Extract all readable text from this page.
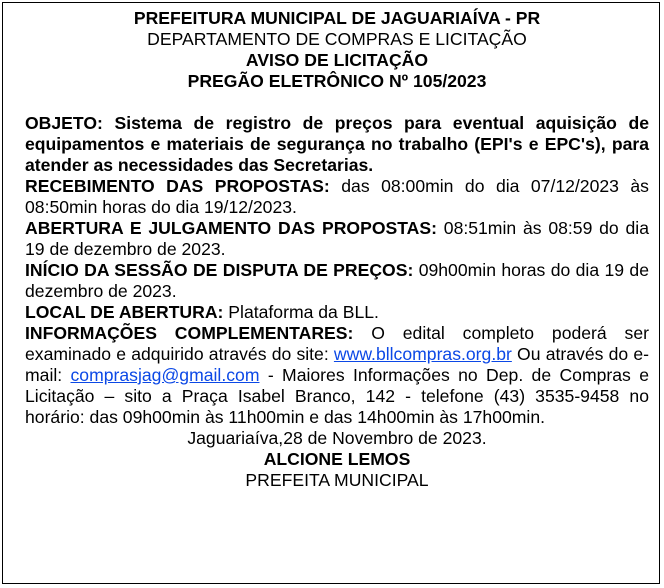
PREFEITURA MUNICIPAL DE JAGUARIAÍVA - PR

DEPARTAMENTO DE COMPRAS E LICITAÇÃO

AVISO DE LICITAÇÃO

PREGÃO ELETRÔNICO Nº 105/2023

OBJETO: Sistema de registro de preços para eventual aquisição de equipamentos e materiais de segurança no trabalho (EPI's e EPC's), para atender as necessidades das Secretarias.

RECEBIMENTO DAS PROPOSTAS: das 08:00min do dia 07/12/2023 às 08:50min horas do dia 19/12/2023.

ABERTURA E JULGAMENTO DAS PROPOSTAS: 08:51min às 08:59 do dia 19 de dezembro de 2023.

INÍCIO DA SESSÃO DE DISPUTA DE PREÇOS: 09h00min horas do dia 19 de dezembro de 2023.

LOCAL DE ABERTURA: Plataforma da BLL.

INFORMAÇÕES COMPLEMENTARES: O edital completo poderá ser examinado e adquirido através do site: www.bllcompras.org.br Ou através do e-mail: comprasjag@gmail.com - Maiores Informações no Dep. de Compras e Licitação – sito a Praça Isabel Branco, 142 - telefone (43) 3535-9458 no horário: das 09h00min às 11h00min e das 14h00min às 17h00min.

Jaguariaíva,28 de Novembro de 2023.

ALCIONE LEMOS

PREFEITA MUNICIPAL
